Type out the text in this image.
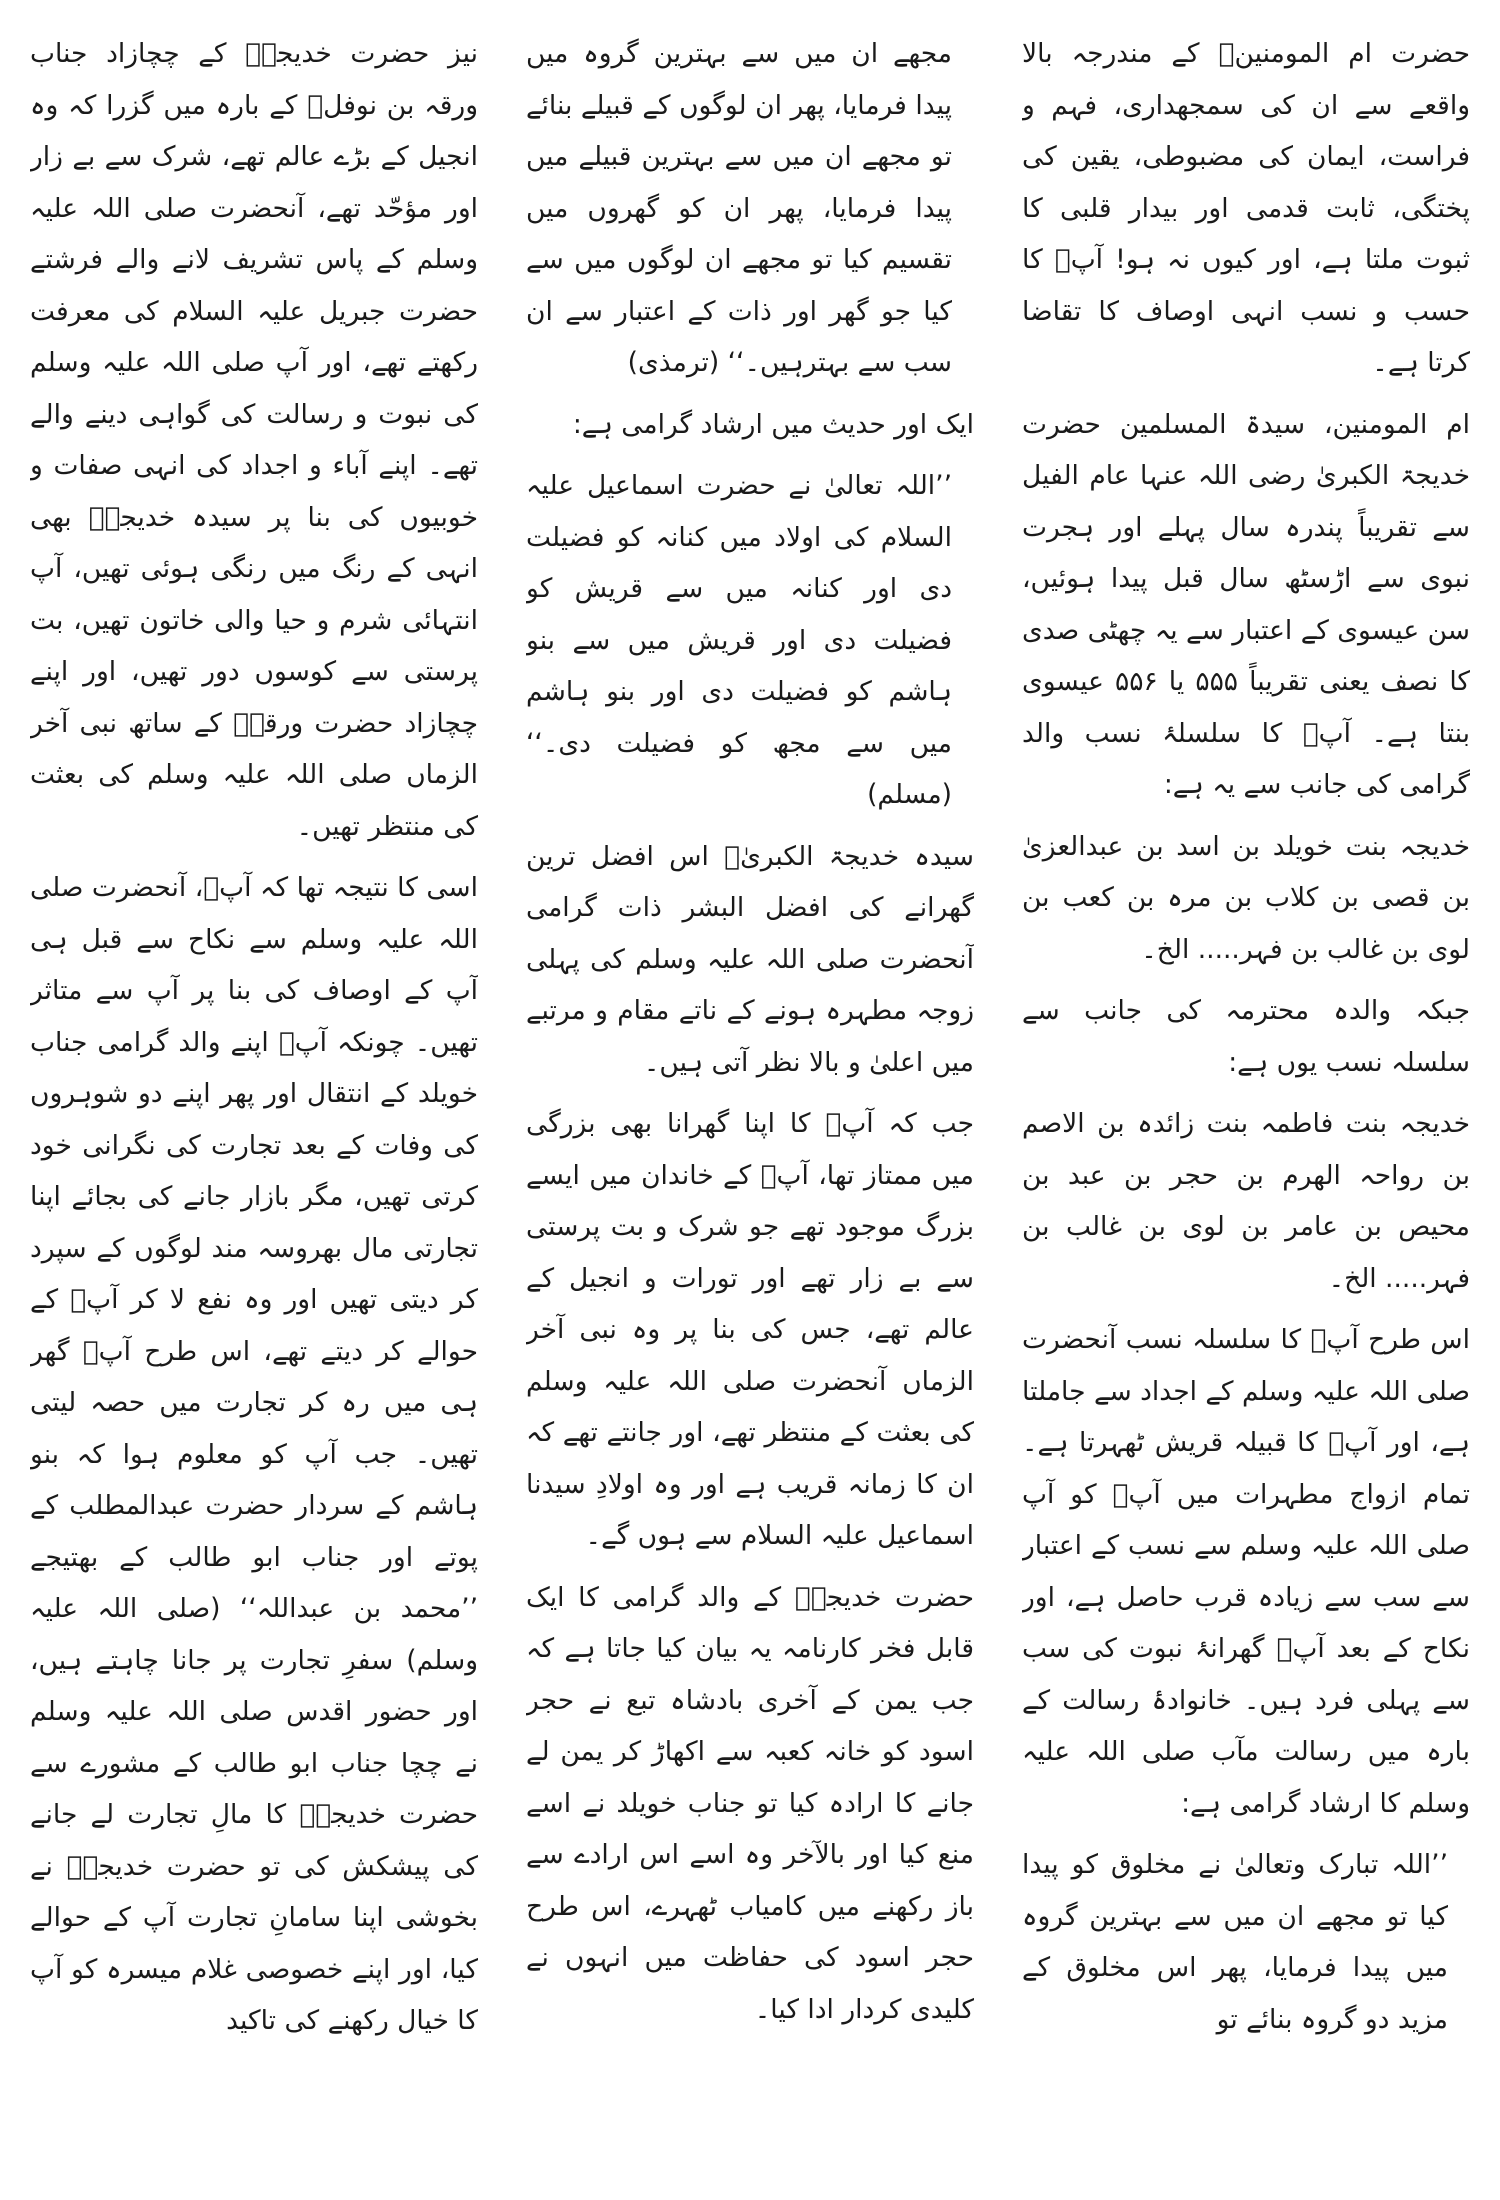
حضرت ام المومنینؓ کے مندرجہ بالا واقعے سے ان کی سمجھداری، فہم و فراست، ایمان کی مضبوطی، یقین کی پختگی، ثابت قدمی اور بیدار قلبی کا ثبوت ملتا ہے، اور کیوں نہ ہو! آپؓ کا حسب و نسب انہی اوصاف کا تقاضا کرتا ہے۔

ام المومنین، سیدۃ المسلمین حضرت خدیجۃ الکبریٰ رضی اللہ عنہا عام الفیل سے تقریباً پندرہ سال پہلے اور ہجرت نبوی سے اڑسٹھ سال قبل پیدا ہوئیں، سن عیسوی کے اعتبار سے یہ چھٹی صدی کا نصف یعنی تقریباً ۵۵۵ یا ۵۵۶ عیسوی بنتا ہے۔ آپؓ کا سلسلۂ نسب والد گرامی کی جانب سے یہ ہے:

خدیجہ بنت خویلد بن اسد بن عبدالعزیٰ بن قصی بن کلاب بن مرہ بن کعب بن لوی بن غالب بن فہر..... الخ۔

جبکہ والدہ محترمہ کی جانب سے سلسلہ نسب یوں ہے:

خدیجہ بنت فاطمہ بنت زائدہ بن الاصم بن رواحہ الھرم بن حجر بن عبد بن محیص بن عامر بن لوی بن غالب بن فہر..... الخ۔

اس طرح آپؓ کا سلسلہ نسب آنحضرت صلی اللہ علیہ وسلم کے اجداد سے جاملتا ہے، اور آپؓ کا قبیلہ قریش ٹھہرتا ہے۔ تمام ازواج مطہرات میں آپؓ کو آپ صلی اللہ علیہ وسلم سے نسب کے اعتبار سے سب سے زیادہ قرب حاصل ہے، اور نکاح کے بعد آپؓ گھرانۂ نبوت کی سب سے پہلی فرد ہیں۔ خانوادۂ رسالت کے بارہ میں رسالت مآب صلی اللہ علیہ وسلم کا ارشاد گرامی ہے:

’’اللہ تبارک وتعالیٰ نے مخلوق کو پیدا کیا تو مجھے ان میں سے بہترین گروہ میں پیدا فرمایا، پھر اس مخلوق کے مزید دو گروہ بنائے تو

مجھے ان میں سے بہترین گروہ میں پیدا فرمایا، پھر ان لوگوں کے قبیلے بنائے تو مجھے ان میں سے بہترین قبیلے میں پیدا فرمایا، پھر ان کو گھروں میں تقسیم کیا تو مجھے ان لوگوں میں سے کیا جو گھر اور ذات کے اعتبار سے ان سب سے بہترہیں۔‘‘ (ترمذی)

ایک اور حدیث میں ارشاد گرامی ہے:

’’اللہ تعالیٰ نے حضرت اسماعیل علیہ السلام کی اولاد میں کنانہ کو فضیلت دی اور کنانہ میں سے قریش کو فضیلت دی اور قریش میں سے بنو ہاشم کو فضیلت دی اور بنو ہاشم میں سے مجھ کو فضیلت دی۔‘‘ (مسلم)

سیدہ خدیجۃ الکبریٰؓ اس افضل ترین گھرانے کی افضل البشر ذات گرامی آنحضرت صلی اللہ علیہ وسلم کی پہلی زوجہ مطہرہ ہونے کے ناتے مقام و مرتبے میں اعلیٰ و بالا نظر آتی ہیں۔

جب کہ آپؓ کا اپنا گھرانا بھی بزرگی میں ممتاز تھا، آپؓ کے خاندان میں ایسے بزرگ موجود تھے جو شرک و بت پرستی سے بے زار تھے اور تورات و انجیل کے عالم تھے، جس کی بنا پر وہ نبی آخر الزماں آنحضرت صلی اللہ علیہ وسلم کی بعثت کے منتظر تھے، اور جانتے تھے کہ ان کا زمانہ قریب ہے اور وہ اولادِ سیدنا اسماعیل علیہ السلام سے ہوں گے۔

حضرت خدیجہؓ کے والد گرامی کا ایک قابل فخر کارنامہ یہ بیان کیا جاتا ہے کہ جب یمن کے آخری بادشاہ تبع نے حجر اسود کو خانہ کعبہ سے اکھاڑ کر یمن لے جانے کا ارادہ کیا تو جناب خویلد نے اسے منع کیا اور بالآخر وہ اسے اس ارادے سے باز رکھنے میں کامیاب ٹھہرے، اس طرح حجر اسود کی حفاظت میں انہوں نے کلیدی کردار ادا کیا۔

نیز حضرت خدیجہؓ کے چچازاد جناب ورقہ بن نوفلؓ کے بارہ میں گزرا کہ وہ انجیل کے بڑے عالم تھے، شرک سے بے زار اور مؤحّد تھے، آنحضرت صلی اللہ علیہ وسلم کے پاس تشریف لانے والے فرشتے حضرت جبریل علیہ السلام کی معرفت رکھتے تھے، اور آپ صلی اللہ علیہ وسلم کی نبوت و رسالت کی گواہی دینے والے تھے۔ اپنے آباء و اجداد کی انہی صفات و خوبیوں کی بنا پر سیدہ خدیجہؓ بھی انہی کے رنگ میں رنگی ہوئی تھیں، آپ انتہائی شرم و حیا والی خاتون تھیں، بت پرستی سے کوسوں دور تھیں، اور اپنے چچازاد حضرت ورقہؓ کے ساتھ نبی آخر الزماں صلی اللہ علیہ وسلم کی بعثت کی منتظر تھیں۔

اسی کا نتیجہ تھا کہ آپؓ، آنحضرت صلی اللہ علیہ وسلم سے نکاح سے قبل ہی آپ کے اوصاف کی بنا پر آپ سے متاثر تھیں۔ چونکہ آپؓ اپنے والد گرامی جناب خویلد کے انتقال اور پھر اپنے دو شوہروں کی وفات کے بعد تجارت کی نگرانی خود کرتی تھیں، مگر بازار جانے کی بجائے اپنا تجارتی مال بھروسہ مند لوگوں کے سپرد کر دیتی تھیں اور وہ نفع لا کر آپؓ کے حوالے کر دیتے تھے، اس طرح آپؓ گھر ہی میں رہ کر تجارت میں حصہ لیتی تھیں۔ جب آپ کو معلوم ہوا کہ بنو ہاشم کے سردار حضرت عبدالمطلب کے پوتے اور جناب ابو طالب کے بھتیجے ’’محمد بن عبداللہ‘‘ (صلی اللہ علیہ وسلم) سفرِ تجارت پر جانا چاہتے ہیں، اور حضور اقدس صلی اللہ علیہ وسلم نے چچا جناب ابو طالب کے مشورے سے حضرت خدیجہؓ کا مالِ تجارت لے جانے کی پیشکش کی تو حضرت خدیجہؓ نے بخوشی اپنا سامانِ تجارت آپ کے حوالے کیا، اور اپنے خصوصی غلام میسرہ کو آپ کا خیال رکھنے کی تاکید
